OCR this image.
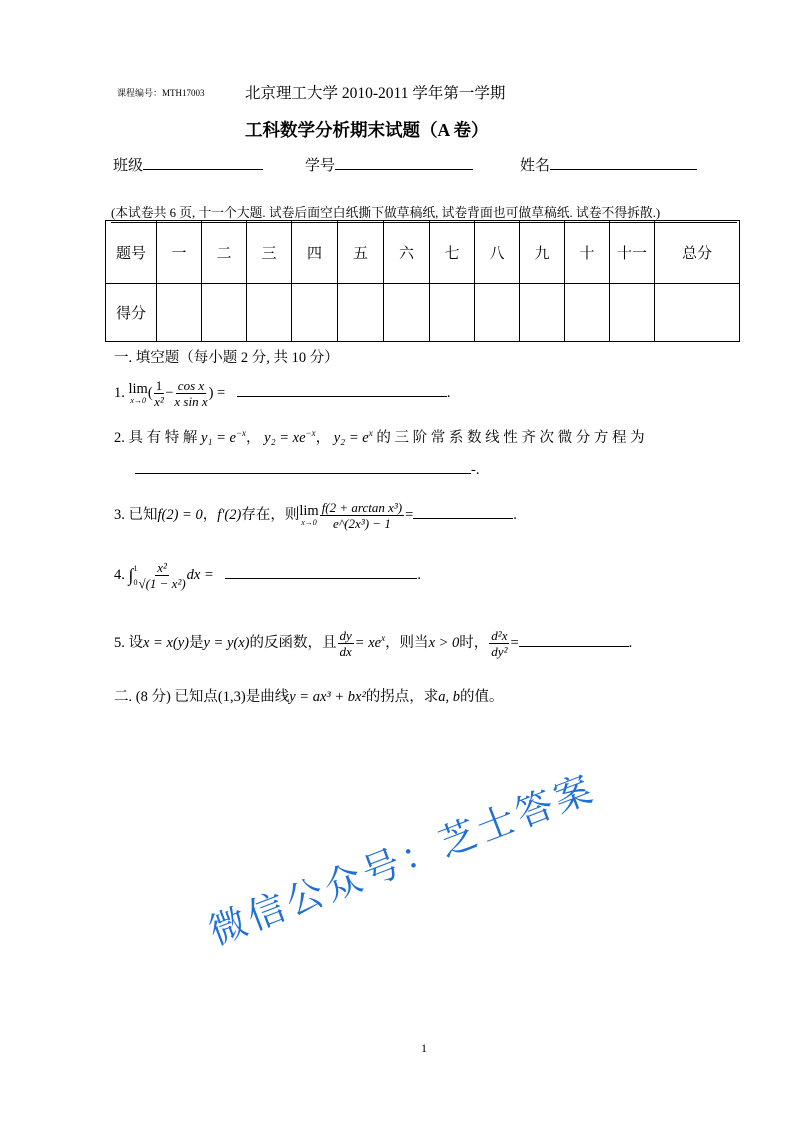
课程编号：MTH17003	北京理工大学 2010-2011 学年第一学期
工科数学分析期末试题（A 卷）
班级	学号	姓名
(本试卷共 6 页, 十一个大题. 试卷后面空白纸撕下做草稿纸, 试卷背面也可做草稿纸. 试卷不得拆散.)
题号	一	二	三	四	五	六	七	八	九	十	十一	总分
得分												
一. 填空题（每小题 2 分, 共 10 分）
1. lim
x→0 ( $\frac{1}{\text{x²}} - \frac{\text{cos x}}{\text{x sin x}}$ ) =	.
2. 具 有 特 解 $y_1 = e^{-x}$， $y_2 = xe^{-x}$， $y_2 = e^x$ 的 三 阶 常 系 数 线 性 齐 次 微 分 方 程 为
-.
3. 已知f(2) = 0，f′(2)存在，则 lim
$x\to 0 \frac{\text{f(2 + arctan x³)}}{\text{e\textasciicircum{}(2x³) − 1}}$ =	.
4. ∫ 1
$0 \frac{\text{x²}}{\text{√(1 − x²)}}$ dx =	.
5. 设x = x(y)是y = y(x)的反函数，且 $\frac{dy}{dx} = xe^x$，则当x > 0时， $\frac{\text{d²x}}{\text{dy²}}$ =	.
二. (8 分) 已知点(1,3)是曲线y = ax³ + bx²的拐点，求a, b的值。
微信公众号：芝士答案
1
